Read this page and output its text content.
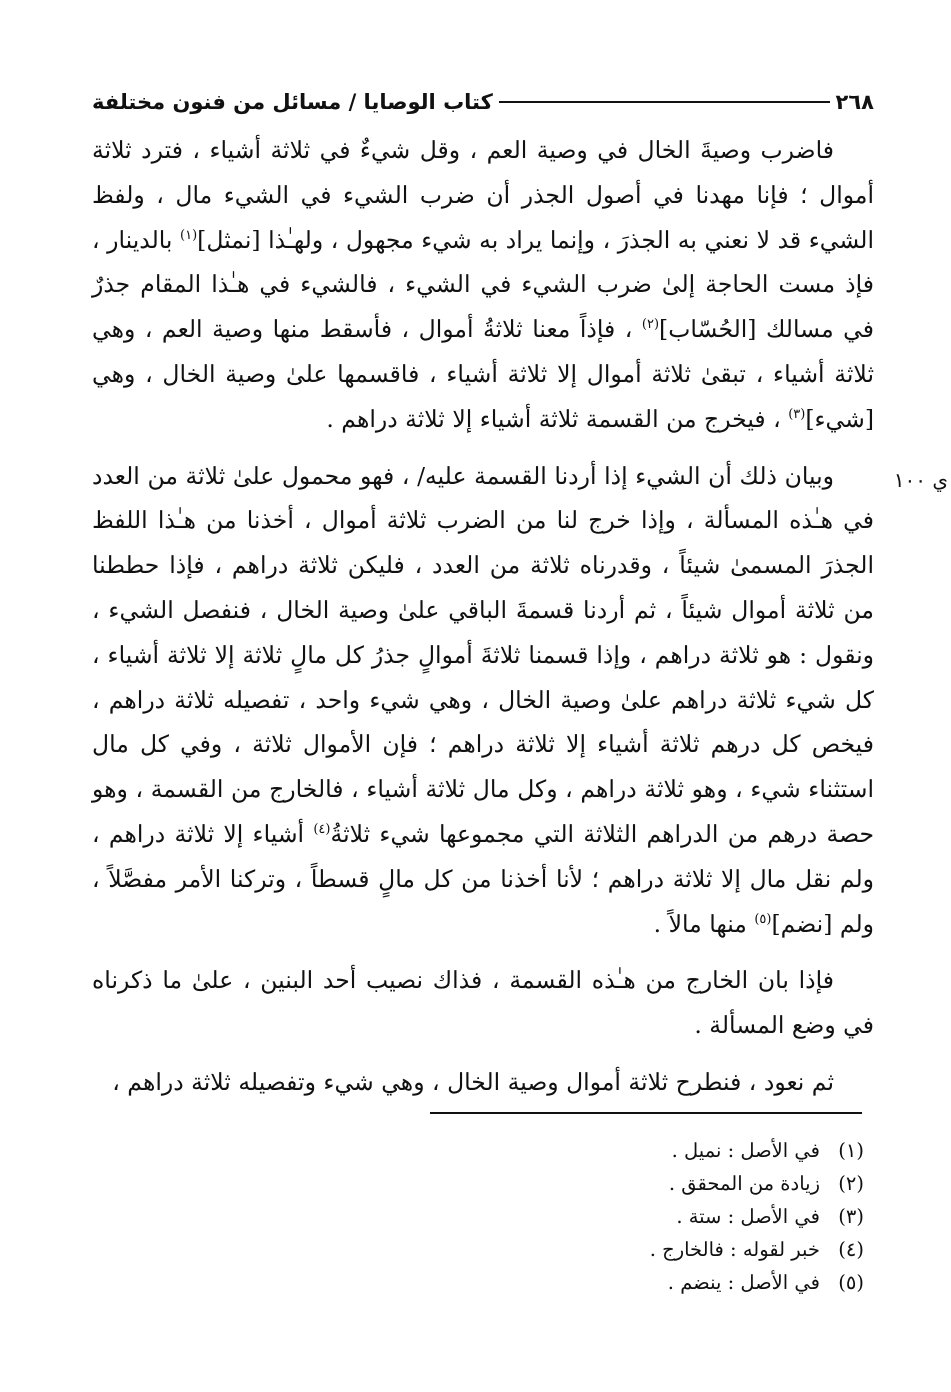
٢٦٨
كتاب الوصايا / مسائل من فنون مختلفة
ي ١٠٠

فاضرب وصيةَ الخال في وصية العم ، وقل شيءٌ في ثلاثة أشياء ، فترد ثلاثة أموال ؛ فإنا مهدنا في أصول الجذر أن ضرب الشيء في الشيء مال ، ولفظ الشيء قد لا نعني به الجذرَ ، وإنما يراد به شيء مجهول ، ولهـٰذا [نمثل]$^{(١)}$ بالدينار ، فإذ مست الحاجة إلىٰ ضرب الشيء في الشيء ، فالشيء في هـٰذا المقام جذرٌ في مسالك [الحُسّاب]$^{(٢)}$ ، فإذاً معنا ثلاثةُ أموال ، فأسقط منها وصية العم ، وهي ثلاثة أشياء ، تبقىٰ ثلاثة أموال إلا ثلاثة أشياء ، فاقسمها علىٰ وصية الخال ، وهي [شيء]$^{(٣)}$ ، فيخرج من القسمة ثلاثة أشياء إلا ثلاثة دراهم .

وبيان ذلك أن الشيء إذا أردنا القسمة عليه/ ، فهو محمول علىٰ ثلاثة من العدد في هـٰذه المسألة ، وإذا خرج لنا من الضرب ثلاثة أموال ، أخذنا من هـٰذا اللفظ الجذرَ المسمىٰ شيئاً ، وقدرناه ثلاثة من العدد ، فليكن ثلاثة دراهم ، فإذا حططنا من ثلاثة أموال شيئاً ، ثم أردنا قسمةَ الباقي علىٰ وصية الخال ، فنفصل الشيء ، ونقول : هو ثلاثة دراهم ، وإذا قسمنا ثلاثةَ أموالٍ جذرُ كل مالٍ ثلاثة إلا ثلاثة أشياء ، كل شيء ثلاثة دراهم علىٰ وصية الخال ، وهي شيء واحد ، تفصيله ثلاثة دراهم ، فيخص كل درهم ثلاثة أشياء إلا ثلاثة دراهم ؛ فإن الأموال ثلاثة ، وفي كل مال استثناء شيء ، وهو ثلاثة دراهم ، وكل مال ثلاثة أشياء ، فالخارج من القسمة ، وهو حصة درهم من الدراهم الثلاثة التي مجموعها شيء ثلاثةُ$^{(٤)}$ أشياء إلا ثلاثة دراهم ، ولم نقل مال إلا ثلاثة دراهم ؛ لأنا أخذنا من كل مالٍ قسطاً ، وتركنا الأمر مفصَّلاً ، ولم [نضم]$^{(٥)}$ منها مالاً .

فإذا بان الخارج من هـٰذه القسمة ، فذاك نصيب أحد البنين ، علىٰ ما ذكرناه في وضع المسألة .

ثم نعود ، فنطرح ثلاثة أموال وصية الخال ، وهي شيء وتفصيله ثلاثة دراهم ،

(١)
في الأصل : نميل .
(٢)
زيادة من المحقق .
(٣)
في الأصل : ستة .
(٤)
خبر لقوله : فالخارج .
(٥)
في الأصل : ينضم .
